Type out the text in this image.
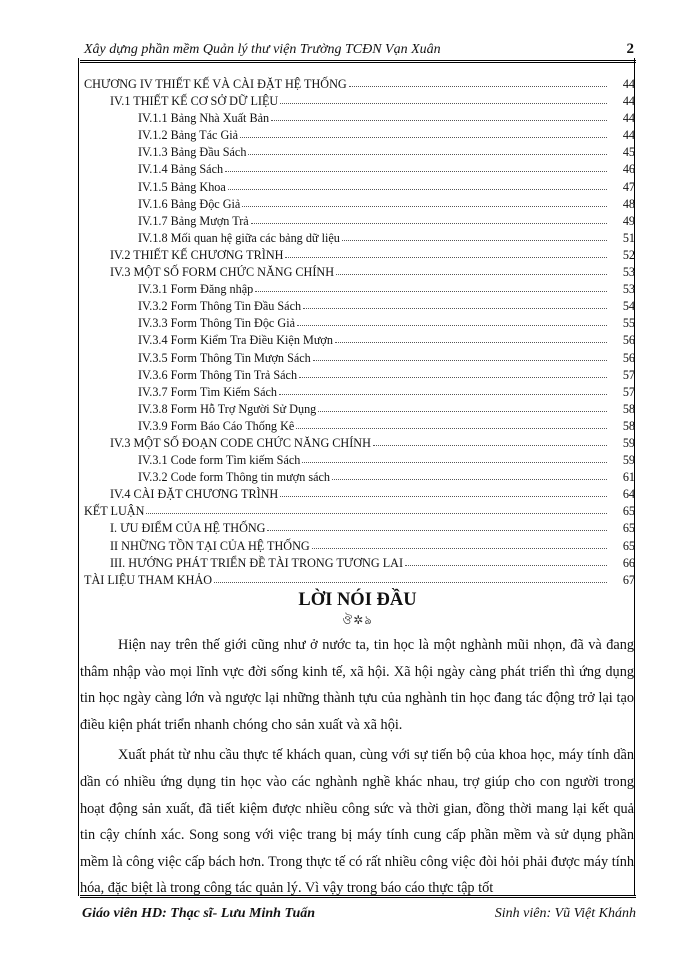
Xây dựng phần mềm Quản lý thư viện Trường TCĐN Vạn Xuân	2
CHƯƠNG IV THIẾT KẾ VÀ CÀI ĐẶT HỆ THỐNG	44
IV.1 THIẾT KẾ CƠ SỞ DỮ LIỆU	44
IV.1.1 Bảng Nhà Xuất Bản	44
IV.1.2 Bảng Tác Giả	44
IV.1.3 Bảng Đầu Sách	45
IV.1.4 Bảng Sách	46
IV.1.5 Bảng Khoa	47
IV.1.6 Bảng Độc Giả	48
IV.1.7 Bảng Mượn Trả	49
IV.1.8 Mối quan hệ giữa các bảng dữ liệu	51
IV.2 THIẾT KẾ CHƯƠNG TRÌNH	52
IV.3 MỘT SỐ FORM CHỨC NĂNG CHÍNH	53
IV.3.1 Form Đăng nhập	53
IV.3.2 Form Thông Tin Đầu Sách	54
IV.3.3 Form Thông Tin Độc Giả	55
IV.3.4 Form Kiểm Tra Điều Kiện Mượn	56
IV.3.5 Form Thông Tin Mượn Sách	56
IV.3.6 Form Thông Tin Trả Sách	57
IV.3.7 Form Tìm Kiếm Sách	57
IV.3.8 Form Hỗ Trợ Người Sử Dụng	58
IV.3.9 Form Báo Cáo Thống Kê	58
IV.3 MỘT SỐ ĐOẠN CODE CHỨC NĂNG CHÍNH	59
IV.3.1 Code form Tìm kiếm Sách	59
IV.3.2 Code form Thông tin mượn sách	61
IV.4 CÀI ĐẶT CHƯƠNG TRÌNH	64
KẾT LUẬN	65
I. ƯU ĐIỂM CỦA HỆ THỐNG	65
II NHỮNG TỒN TẠI CỦA HỆ THỐNG	65
III. HƯỚNG PHÁT TRIỂN ĐỀ TÀI TRONG TƯƠNG LAI	66
TÀI LIỆU THAM KHẢO	67
LỜI NÓI ĐẦU
ঔ✲ঌ

Hiện nay trên thế giới cũng như ở nước ta, tin học là một nghành mũi nhọn, đã và đang thâm nhập vào mọi lĩnh vực đời sống kinh tế, xã hội. Xã hội ngày càng phát triển thì ứng dụng tin học ngày càng lớn và ngược lại những thành tựu của nghành tin học đang tác động trở lại tạo điều kiện phát triển nhanh chóng cho sản xuất và xã hội.

Xuất phát từ nhu cầu thực tế khách quan, cùng với sự tiến bộ của khoa học, máy tính dần dần có nhiều ứng dụng tin học vào các nghành nghề khác nhau, trợ giúp cho con người trong hoạt động sản xuất, đã tiết kiệm được nhiều công sức và thời gian, đồng thời mang lại kết quả tin cậy chính xác. Song song với việc trang bị máy tính cung cấp phần mềm và sử dụng phần mềm là công việc cấp bách hơn. Trong thực tế có rất nhiều công việc đòi hỏi phải được máy tính hóa, đặc biệt là trong công tác quản lý. Vì vậy trong báo cáo thực tập tốt

Giáo viên HD: Thạc sĩ- Lưu Minh Tuấn	Sinh viên: Vũ Việt Khánh
